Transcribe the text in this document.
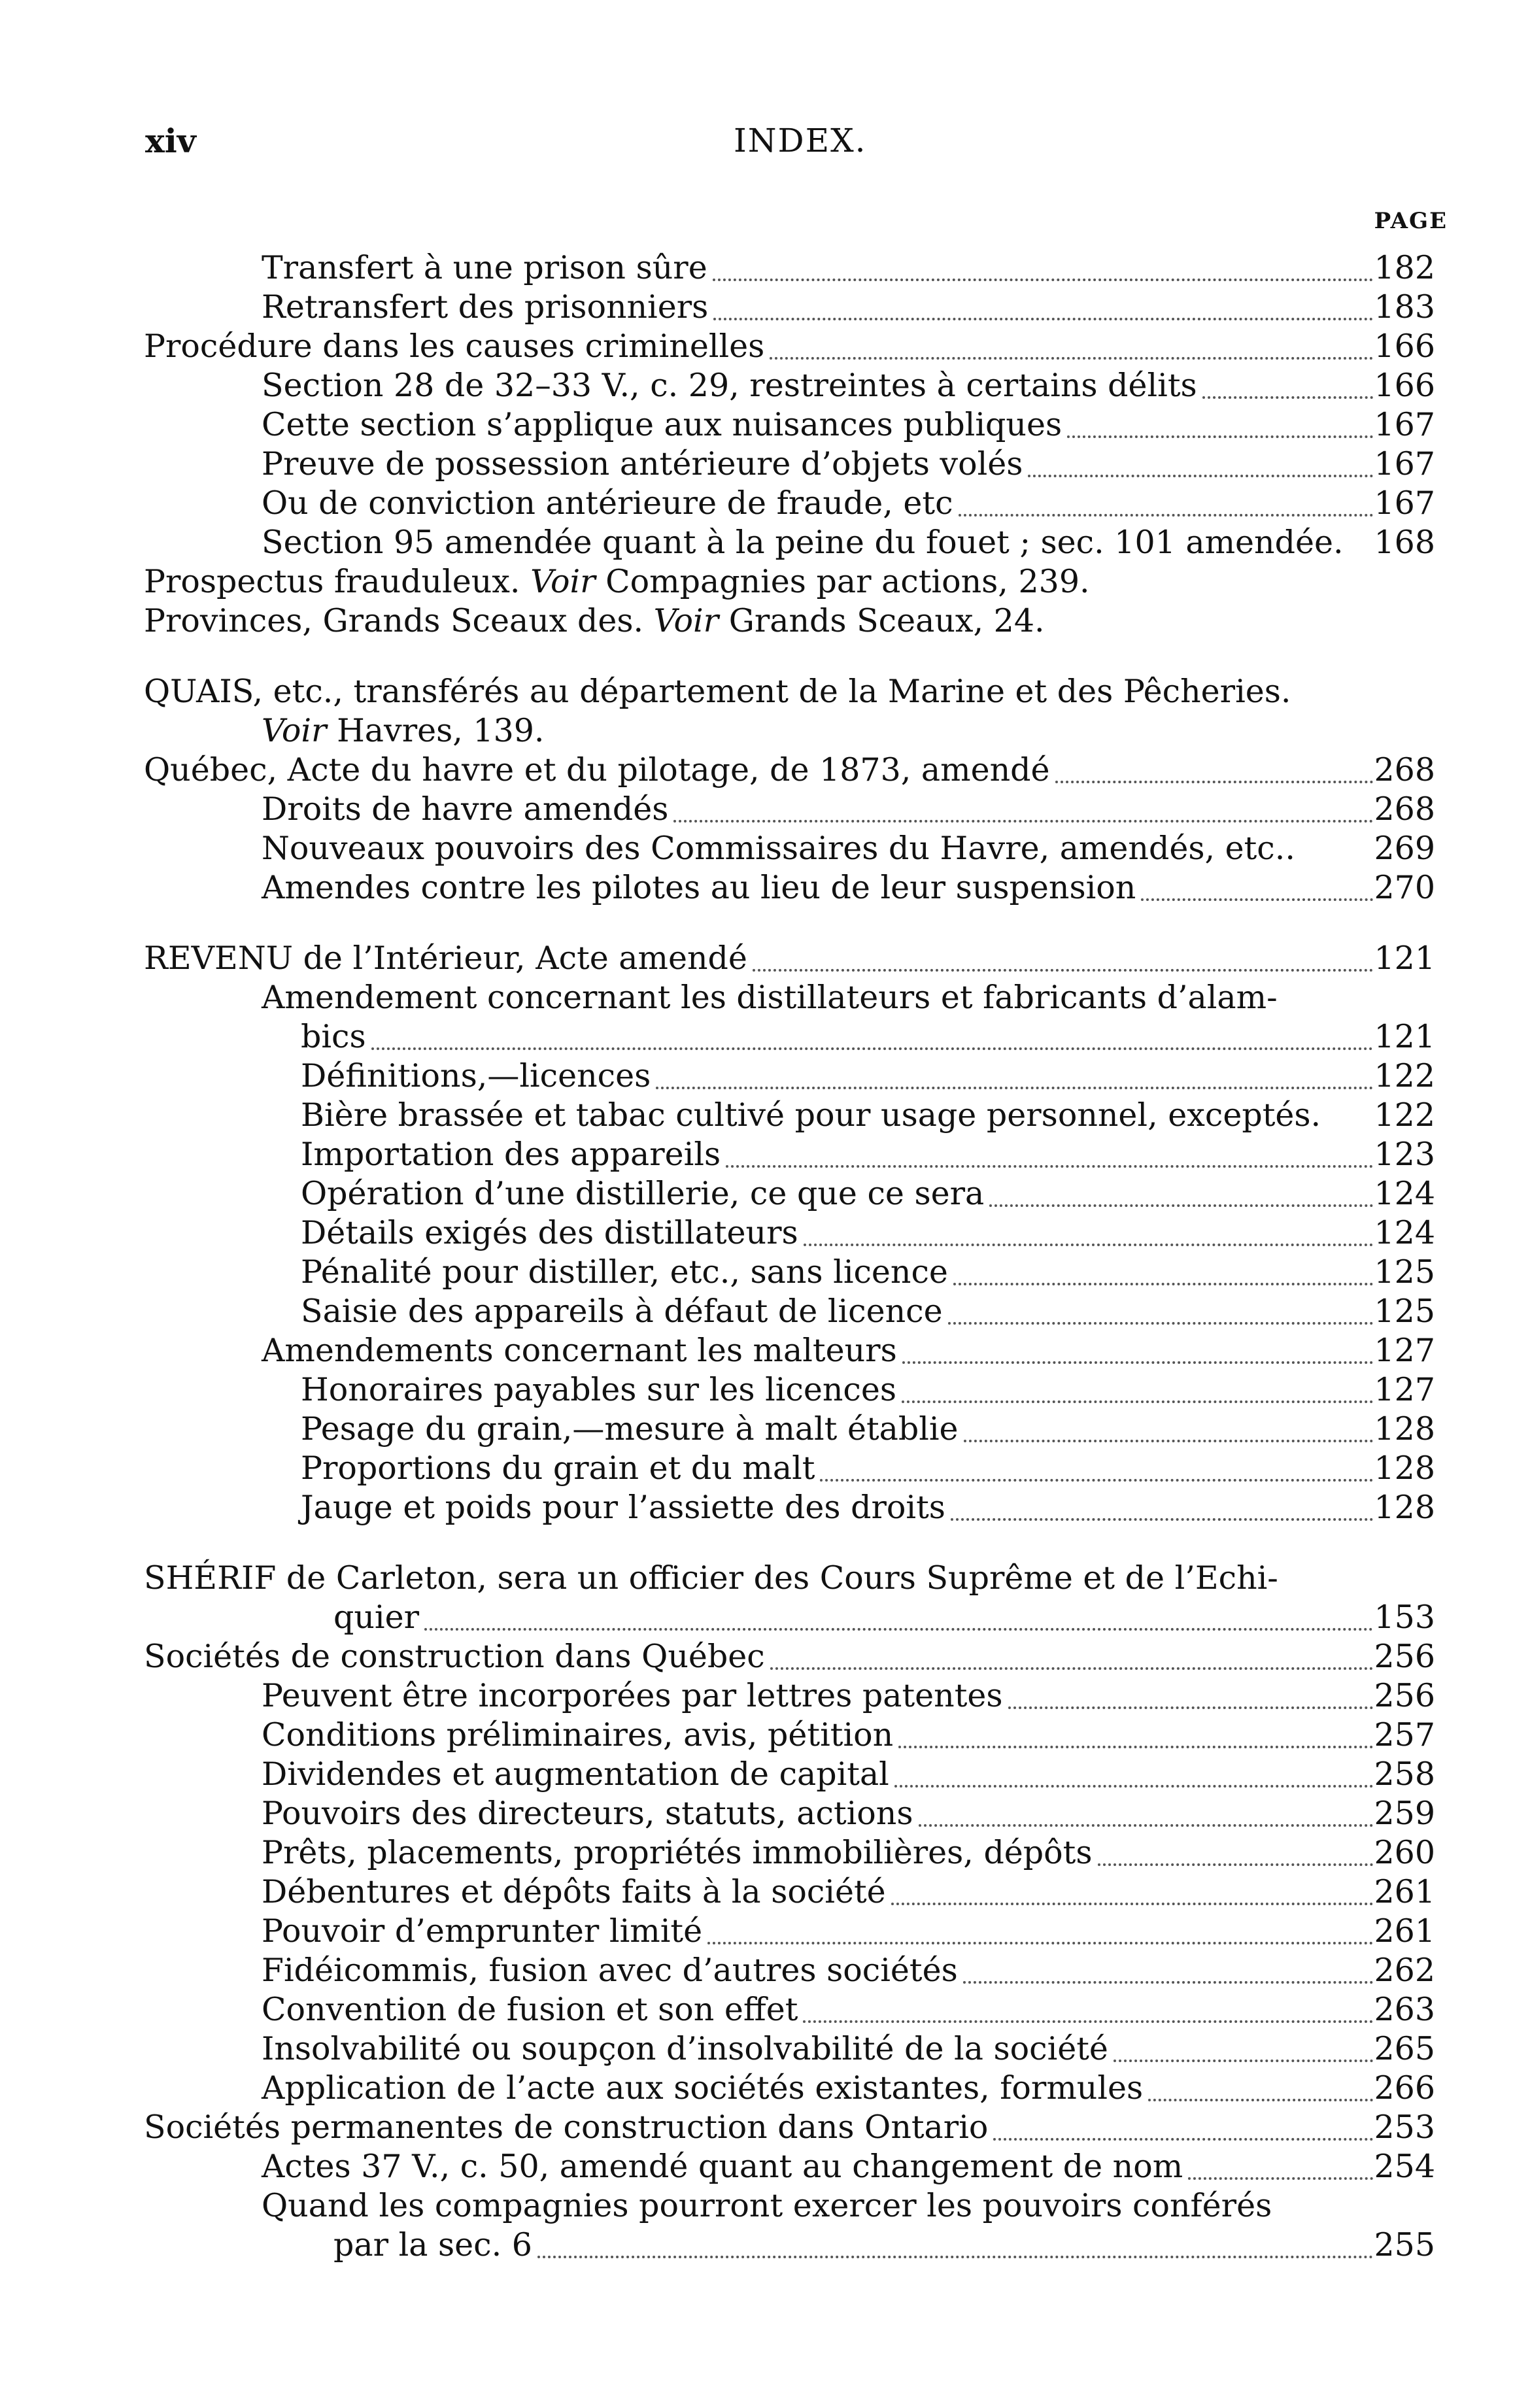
xiv	INDEX.
PAGE
Transfert à une prison sûre	182
Retransfert des prisonniers	183
Procédure dans les causes criminelles	166
Section 28 de 32–33 V., c. 29, restreintes à certains délits	166
Cette section s’applique aux nuisances publiques	167
Preuve de possession antérieure d’objets volés	167
Ou de conviction antérieure de fraude, etc	167
Section 95 amendée quant à la peine du fouet ; sec. 101 amendée. 168
Prospectus frauduleux. Voir Compagnies par actions, 239.
Provinces, Grands Sceaux des. Voir Grands Sceaux, 24.
QUAIS, etc., transférés au département de la Marine et des Pêcheries.
Voir Havres, 139.
Québec, Acte du havre et du pilotage, de 1873, amendé	268
Droits de havre amendés	268
Nouveaux pouvoirs des Commissaires du Havre, amendés, etc.. 269
Amendes contre les pilotes au lieu de leur suspension	270
REVENU de l’Intérieur, Acte amendé	121
Amendement concernant les distillateurs et fabricants d’alam-
bics	121
Définitions,—licences	122
Bière brassée et tabac cultivé pour usage personnel, exceptés. 122
Importation des appareils	123
Opération d’une distillerie, ce que ce sera	124
Détails exigés des distillateurs	124
Pénalité pour distiller, etc., sans licence	125
Saisie des appareils à défaut de licence	125
Amendements concernant les malteurs	127
Honoraires payables sur les licences	127
Pesage du grain,—mesure à malt établie	128
Proportions du grain et du malt	128
Jauge et poids pour l’assiette des droits	128
SHÉRIF de Carleton, sera un officier des Cours Suprême et de l’Echi-
quier	153
Sociétés de construction dans Québec	256
Peuvent être incorporées par lettres patentes	256
Conditions préliminaires, avis, pétition	257
Dividendes et augmentation de capital	258
Pouvoirs des directeurs, statuts, actions	259
Prêts, placements, propriétés immobilières, dépôts	260
Débentures et dépôts faits à la société	261
Pouvoir d’emprunter limité	261
Fidéicommis, fusion avec d’autres sociétés	262
Convention de fusion et son effet	263
Insolvabilité ou soupçon d’insolvabilité de la société	265
Application de l’acte aux sociétés existantes, formules	266
Sociétés permanentes de construction dans Ontario	253
Actes 37 V., c. 50, amendé quant au changement de nom	254
Quand les compagnies pourront exercer les pouvoirs conférés
par la sec. 6	255
